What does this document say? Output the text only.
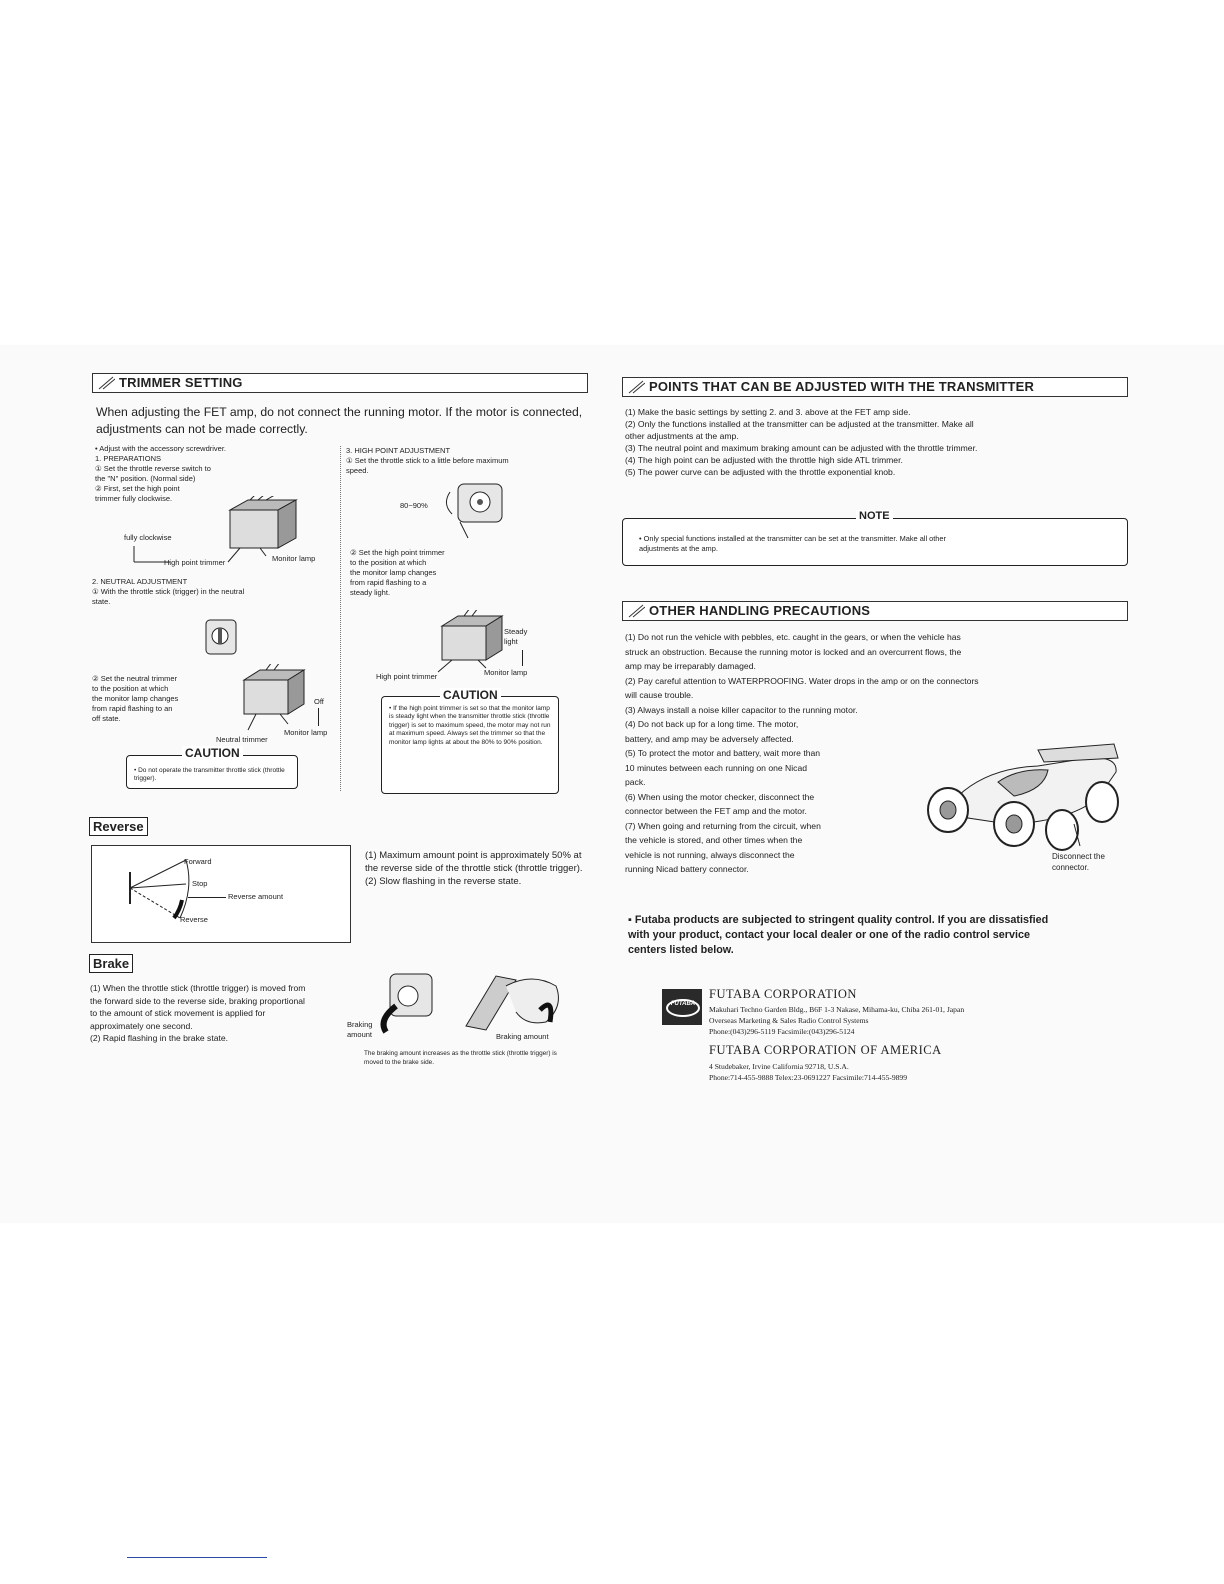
TRIMMER SETTING
When adjusting the FET amp, do not connect the running motor. If the motor is connected, adjustments can not be made correctly.

• Adjust with the accessory screwdriver.

1. PREPARATIONS

① Set the throttle reverse switch to

the "N" position. (Normal side)

② First, set the high point

trimmer fully clockwise.

fully clockwise
High point trimmer	Monitor lamp

2. NEUTRAL ADJUSTMENT

① With the throttle stick (trigger) in the neutral

state.

② Set the neutral trimmer

to the position at which

the monitor lamp changes

from rapid flashing to an

off state.

Off
Neutral trimmer
Monitor lamp
CAUTION
• Do not operate the transmitter throttle stick (throttle trigger).

3. HIGH POINT ADJUSTMENT

① Set the throttle stick to a little before maximum

speed.

80~90%

② Set the high point trimmer

to the position at which

the monitor lamp changes

from rapid flashing to a

steady light.

Steady light
High point trimmer	Monitor lamp
CAUTION
• If the high point trimmer is set so that the monitor lamp is steady light when the transmitter throttle stick (throttle trigger) is set to maximum speed, the motor may not run at maximum speed. Always set the trimmer so that the monitor lamp lights at about the 80% to 90% position.
Reverse
Forward
Stop
Reverse amount
Reverse

(1) Maximum amount point is approximately 50% at the reverse side of the throttle stick (throttle trigger).

(2) Slow flashing in the reverse state.

Brake

(1) When the throttle stick (throttle trigger) is moved from the forward side to the reverse side, braking proportional to the amount of stick movement is applied for approximately one second.

(2) Rapid flashing in the brake state.

Braking amount	Braking amount
The braking amount increases as the throttle stick (throttle trigger) is moved to the brake side.
POINTS THAT CAN BE ADJUSTED WITH THE TRANSMITTER

(1) Make the basic settings by setting 2. and 3. above at the FET amp side.

(2) Only the functions installed at the transmitter can be adjusted at the transmitter. Make all

other adjustments at the amp.

(3) The neutral point and maximum braking amount can be adjusted with the throttle trimmer.

(4) The high point can be adjusted with the throttle high side ATL trimmer.

(5) The power curve can be adjusted with the throttle exponential knob.

NOTE
• Only special functions installed at the transmitter can be set at the transmitter. Make all other
adjustments at the amp.
OTHER HANDLING PRECAUTIONS

(1) Do not run the vehicle with pebbles, etc. caught in the gears, or when the vehicle has

struck an obstruction. Because the running motor is locked and an overcurrent flows, the

amp may be irreparably damaged.

(2) Pay careful attention to WATERPROOFING. Water drops in the amp or on the connectors

will cause trouble.

(3) Always install a noise killer capacitor to the running motor.

(4) Do not back up for a long time. The motor,

battery, and amp may be adversely affected.

(5) To protect the motor and battery, wait more than

10 minutes between each running on one Nicad

pack.

(6) When using the motor checker, disconnect the

connector between the FET amp and the motor.

(7) When going and returning from the circuit, when

the vehicle is stored, and other times when the

vehicle is not running, always disconnect the

running Nicad battery connector.

Disconnect the
connector.
▪ Futaba products are subjected to stringent quality control. If you are dissatisfied
with your product, contact your local dealer or one of the radio control service
centers listed below.
FUTABA
FUTABA CORPORATION
Makuhari Techno Garden Bldg., B6F 1-3 Nakase, Mihama-ku, Chiba 261-01, Japan
Overseas Marketing & Sales Radio Control Systems
Phone:(043)296-5119 Facsimile:(043)296-5124
FUTABA CORPORATION OF AMERICA
4 Studebaker, Irvine California 92718, U.S.A.
Phone:714-455-9888 Telex:23-0691227 Facsimile:714-455-9899
